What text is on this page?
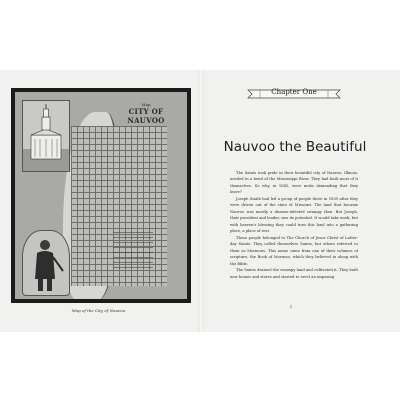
Map
CITY OF NAUVOO
Map of the City of Nauvoo.
Chapter One
Nauvoo the Beautiful

The Saints took pride in their beautiful city of Nauvoo, Illinois, nestled in a bend of the Mississippi River. They had built most of it themselves. So why, in 1845, were mobs demanding that they leave?

Joseph Smith had led a group of people there in 1839 after they were driven out of the state of Missouri. The land that became Nauvoo was mostly a disease-infested swampy then. But Joseph, their president and leader, saw its potential. It would take work, but with heaven's blessing they could turn this land into a gathering place, a place of rest.

These people belonged to The Church of Jesus Christ of Latter-day Saints. They called themselves Saints, but others referred to them as Mormons. This name came from one of their volumes of scripture, the Book of Mormon, which they believed in along with the Bible.

The Saints drained the swampy land and cultivated it. They built new homes and stores and started to erect an imposing

1
